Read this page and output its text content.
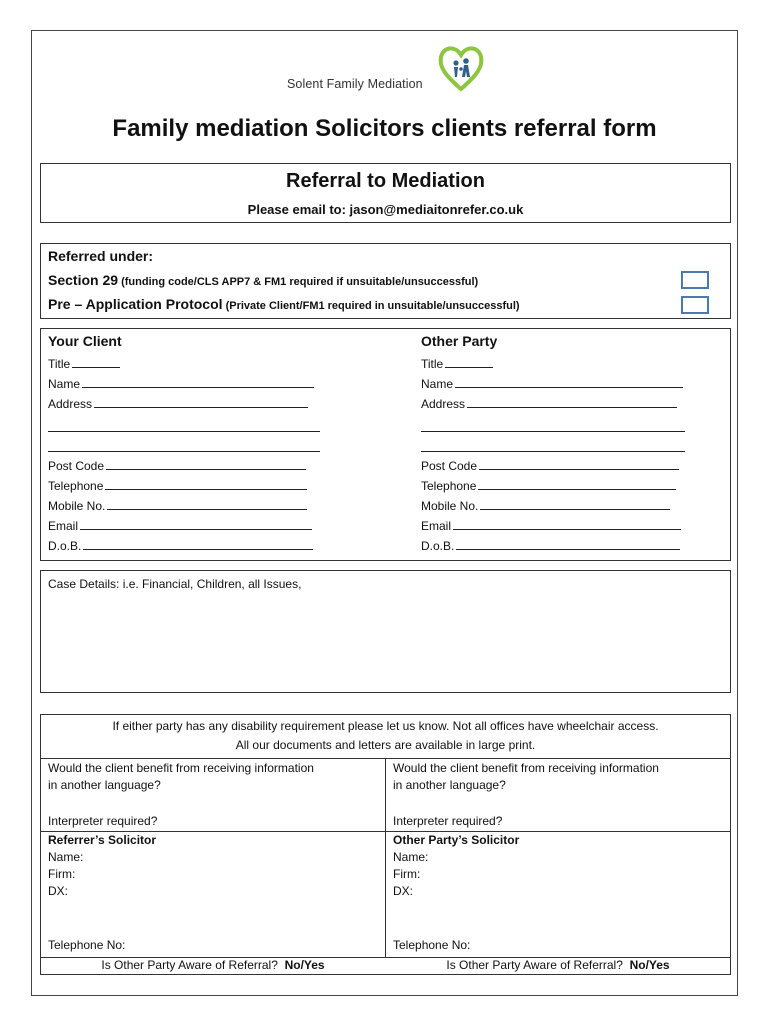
Solent Family Mediation
Family mediation Solicitors clients referral form
Referral to Mediation
Please email to: jason@mediaitonrefer.co.uk
Referred under:
Section 29 (funding code/CLS APP7 & FM1 required if unsuitable/unsuccessful)
Pre – Application Protocol (Private Client/FM1 required in unsuitable/unsuccessful)
Your Client	Other Party
Title
Name
Address
Post Code
Telephone
Mobile No.
Email
D.o.B.
Title
Name
Address
Post Code
Telephone
Mobile No.
Email
D.o.B.
Case Details: i.e. Financial, Children, all Issues,
If either party has any disability requirement please let us know. Not all offices have wheelchair access.
All our documents and letters are available in large print.
Would the client benefit from receiving information
in another language?
Interpreter required?
Referrer’s Solicitor
Name:
Firm:
DX:
Telephone No:
Would the client benefit from receiving information
in another language?
Interpreter required?
Other Party’s Solicitor
Name:
Firm:
DX:
Telephone No:
Is Other Party Aware of Referral? No/Yes	Is Other Party Aware of Referral? No/Yes
